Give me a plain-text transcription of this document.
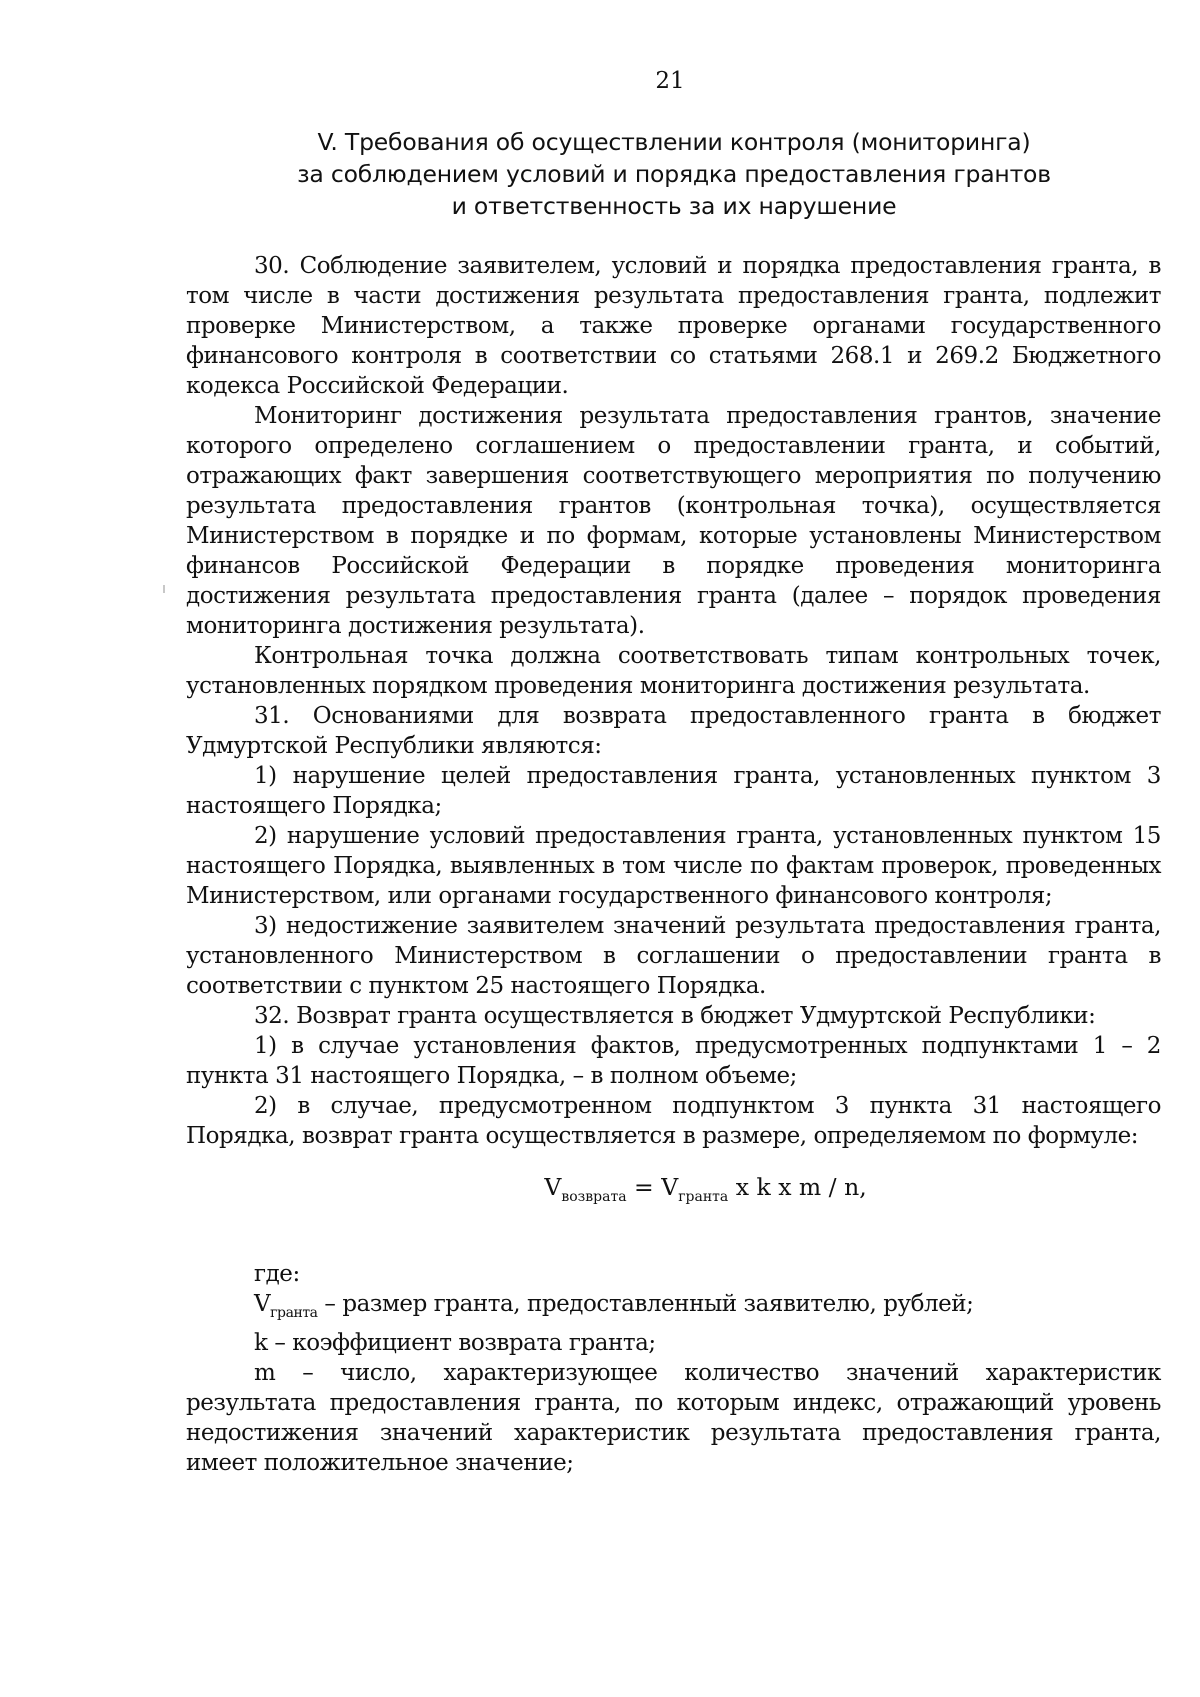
21
V. Требования об осуществлении контроля (мониторинга)
за соблюдением условий и порядка предоставления грантов
и ответственность за их нарушение

30. Соблюдение заявителем, условий и порядка предоставления гранта, в том числе в части достижения результата предоставления гранта, подлежит проверке Министерством, а также проверке органами государственного финансового контроля в соответствии со статьями 268.1 и 269.2 Бюджетного кодекса Российской Федерации.

Мониторинг достижения результата предоставления грантов, значение которого определено соглашением о предоставлении гранта, и событий, отражающих факт завершения соответствующего мероприятия по получению результата предоставления грантов (контрольная точка), осуществляется Министерством в порядке и по формам, которые установлены Министерством финансов Российской Федерации в порядке проведения мониторинга достижения результата предоставления гранта (далее – порядок проведения мониторинга достижения результата).

Контрольная точка должна соответствовать типам контрольных точек, установленных порядком проведения мониторинга достижения результата.

31. Основаниями для возврата предоставленного гранта в бюджет Удмуртской Республики являются:

1) нарушение целей предоставления гранта, установленных пунктом 3 настоящего Порядка;

2) нарушение условий предоставления гранта, установленных пунктом 15 настоящего Порядка, выявленных в том числе по фактам проверок, проведенных Министерством, или органами государственного финансового контроля;

3) недостижение заявителем значений результата предоставления гранта, установленного Министерством в соглашении о предоставлении гранта в соответствии с пунктом 25 настоящего Порядка.

32. Возврат гранта осуществляется в бюджет Удмуртской Республики:

1) в случае установления фактов, предусмотренных подпунктами 1 – 2 пункта 31 настоящего Порядка, – в полном объеме;

2) в случае, предусмотренном подпунктом 3 пункта 31 настоящего Порядка, возврат гранта осуществляется в размере, определяемом по формуле:

$V_{возврата} = V_{гранта}$ x k x m / n,

где:

$V_{гранта}$ – размер гранта, предоставленный заявителю, рублей;

k – коэффициент возврата гранта;

m – число, характеризующее количество значений характеристик результата предоставления гранта, по которым индекс, отражающий уровень недостижения значений характеристик результата предоставления гранта, имеет положительное значение;
